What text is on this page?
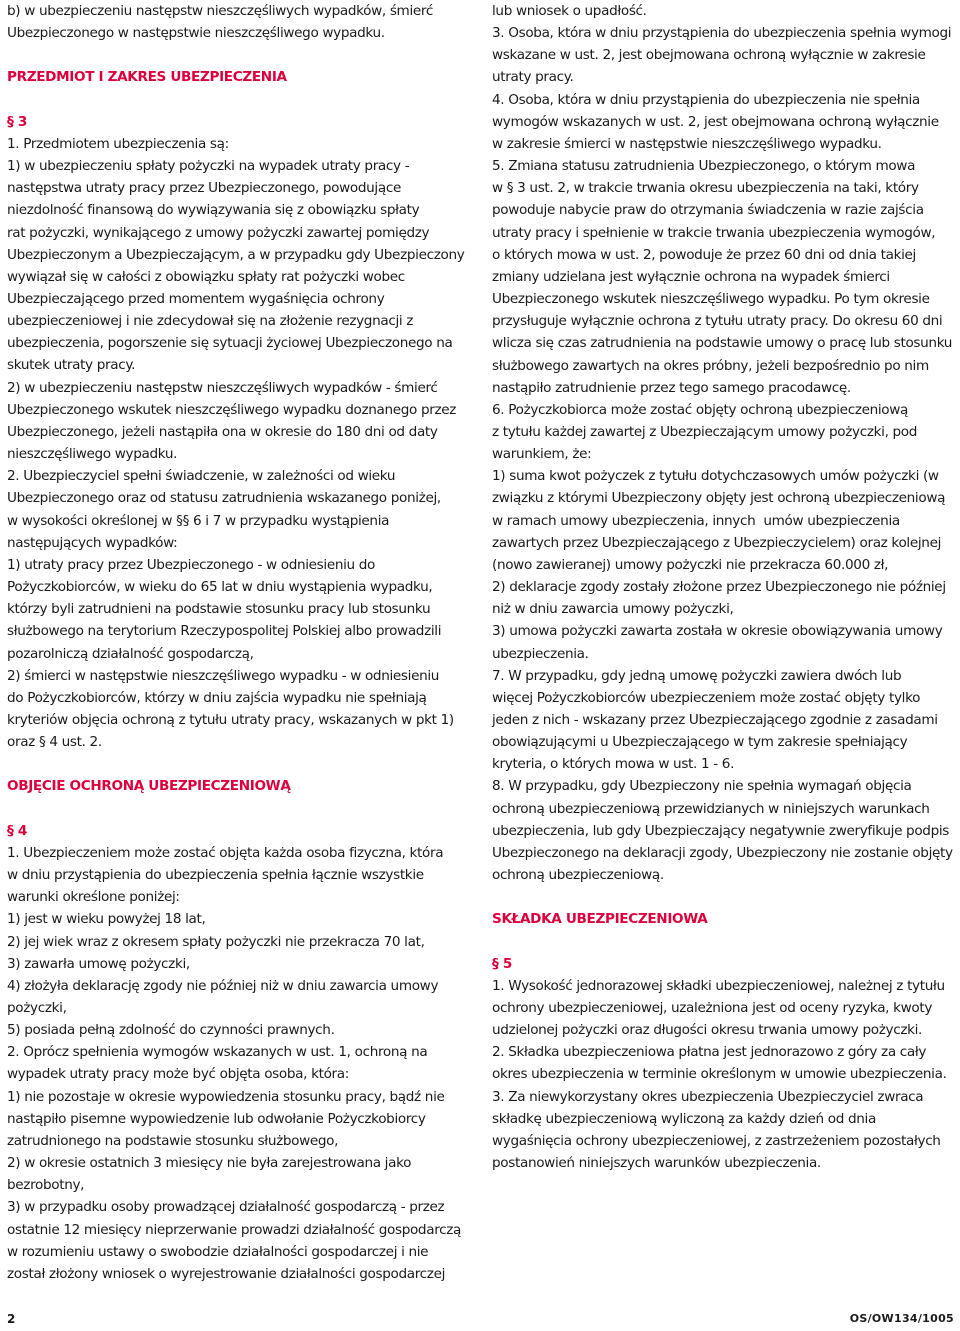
b) w ubezpieczeniu następstw nieszczęśliwych wypadków, śmierć

Ubezpieczonego w następstwie nieszczęśliwego wypadku.

PRZEDMIOT I ZAKRES UBEZPIECZENIA

§ 3

1. Przedmiotem ubezpieczenia są:

1) w ubezpieczeniu spłaty pożyczki na wypadek utraty pracy -

następstwa utraty pracy przez Ubezpieczonego, powodujące

niezdolność finansową do wywiązywania się z obowiązku spłaty

rat pożyczki, wynikającego z umowy pożyczki zawartej pomiędzy

Ubezpieczonym a Ubezpieczającym, a w przypadku gdy Ubezpieczony

wywiązał się w całości z obowiązku spłaty rat pożyczki wobec

Ubezpieczającego przed momentem wygaśnięcia ochrony

ubezpieczeniowej i nie zdecydował się na złożenie rezygnacji z

ubezpieczenia, pogorszenie się sytuacji życiowej Ubezpieczonego na

skutek utraty pracy.

2) w ubezpieczeniu następstw nieszczęśliwych wypadków - śmierć

Ubezpieczonego wskutek nieszczęśliwego wypadku doznanego przez

Ubezpieczonego, jeżeli nastąpiła ona w okresie do 180 dni od daty

nieszczęśliwego wypadku.

2. Ubezpieczyciel spełni świadczenie, w zależności od wieku

Ubezpieczonego oraz od statusu zatrudnienia wskazanego poniżej,

w wysokości określonej w §§ 6 i 7 w przypadku wystąpienia

następujących wypadków:

1) utraty pracy przez Ubezpieczonego - w odniesieniu do

Pożyczkobiorców, w wieku do 65 lat w dniu wystąpienia wypadku,

którzy byli zatrudnieni na podstawie stosunku pracy lub stosunku

służbowego na terytorium Rzeczypospolitej Polskiej albo prowadzili

pozarolniczą działalność gospodarczą,

2) śmierci w następstwie nieszczęśliwego wypadku - w odniesieniu

do Pożyczkobiorców, którzy w dniu zajścia wypadku nie spełniają

kryteriów objęcia ochroną z tytułu utraty pracy, wskazanych w pkt 1)

oraz § 4 ust. 2.

OBJĘCIE OCHRONĄ UBEZPIECZENIOWĄ

§ 4

1. Ubezpieczeniem może zostać objęta każda osoba fizyczna, która

w dniu przystąpienia do ubezpieczenia spełnia łącznie wszystkie

warunki określone poniżej:

1) jest w wieku powyżej 18 lat,

2) jej wiek wraz z okresem spłaty pożyczki nie przekracza 70 lat,

3) zawarła umowę pożyczki,

4) złożyła deklarację zgody nie później niż w dniu zawarcia umowy

pożyczki,

5) posiada pełną zdolność do czynności prawnych.

2. Oprócz spełnienia wymogów wskazanych w ust. 1, ochroną na

wypadek utraty pracy może być objęta osoba, która:

1) nie pozostaje w okresie wypowiedzenia stosunku pracy, bądź nie

nastąpiło pisemne wypowiedzenie lub odwołanie Pożyczkobiorcy

zatrudnionego na podstawie stosunku służbowego,

2) w okresie ostatnich 3 miesięcy nie była zarejestrowana jako

bezrobotny,

3) w przypadku osoby prowadzącej działalność gospodarczą - przez

ostatnie 12 miesięcy nieprzerwanie prowadzi działalność gospodarczą

w rozumieniu ustawy o swobodzie działalności gospodarczej i nie

został złożony wniosek o wyrejestrowanie działalności gospodarczej

lub wniosek o upadłość.

3. Osoba, która w dniu przystąpienia do ubezpieczenia spełnia wymogi

wskazane w ust. 2, jest obejmowana ochroną wyłącznie w zakresie

utraty pracy.

4. Osoba, która w dniu przystąpienia do ubezpieczenia nie spełnia

wymogów wskazanych w ust. 2, jest obejmowana ochroną wyłącznie

w zakresie śmierci w następstwie nieszczęśliwego wypadku.

5. Zmiana statusu zatrudnienia Ubezpieczonego, o którym mowa

w § 3 ust. 2, w trakcie trwania okresu ubezpieczenia na taki, który

powoduje nabycie praw do otrzymania świadczenia w razie zajścia

utraty pracy i spełnienie w trakcie trwania ubezpieczenia wymogów,

o których mowa w ust. 2, powoduje że przez 60 dni od dnia takiej

zmiany udzielana jest wyłącznie ochrona na wypadek śmierci

Ubezpieczonego wskutek nieszczęśliwego wypadku. Po tym okresie

przysługuje wyłącznie ochrona z tytułu utraty pracy. Do okresu 60 dni

wlicza się czas zatrudnienia na podstawie umowy o pracę lub stosunku

służbowego zawartych na okres próbny, jeżeli bezpośrednio po nim

nastąpiło zatrudnienie przez tego samego pracodawcę.

6. Pożyczkobiorca może zostać objęty ochroną ubezpieczeniową

z tytułu każdej zawartej z Ubezpieczającym umowy pożyczki, pod

warunkiem, że:

1) suma kwot pożyczek z tytułu dotychczasowych umów pożyczki (w

związku z którymi Ubezpieczony objęty jest ochroną ubezpieczeniową

w ramach umowy ubezpieczenia, innych  umów ubezpieczenia

zawartych przez Ubezpieczającego z Ubezpieczycielem) oraz kolejnej

(nowo zawieranej) umowy pożyczki nie przekracza 60.000 zł,

2) deklaracje zgody zostały złożone przez Ubezpieczonego nie później

niż w dniu zawarcia umowy pożyczki,

3) umowa pożyczki zawarta została w okresie obowiązywania umowy

ubezpieczenia.

7. W przypadku, gdy jedną umowę pożyczki zawiera dwóch lub

więcej Pożyczkobiorców ubezpieczeniem może zostać objęty tylko

jeden z nich - wskazany przez Ubezpieczającego zgodnie z zasadami

obowiązującymi u Ubezpieczającego w tym zakresie spełniający

kryteria, o których mowa w ust. 1 - 6.

8. W przypadku, gdy Ubezpieczony nie spełnia wymagań objęcia

ochroną ubezpieczeniową przewidzianych w niniejszych warunkach

ubezpieczenia, lub gdy Ubezpieczający negatywnie zweryfikuje podpis

Ubezpieczonego na deklaracji zgody, Ubezpieczony nie zostanie objęty

ochroną ubezpieczeniową.

SKŁADKA UBEZPIECZENIOWA

§ 5

1. Wysokość jednorazowej składki ubezpieczeniowej, należnej z tytułu

ochrony ubezpieczeniowej, uzależniona jest od oceny ryzyka, kwoty

udzielonej pożyczki oraz długości okresu trwania umowy pożyczki.

2. Składka ubezpieczeniowa płatna jest jednorazowo z góry za cały

okres ubezpieczenia w terminie określonym w umowie ubezpieczenia.

3. Za niewykorzystany okres ubezpieczenia Ubezpieczyciel zwraca

składkę ubezpieczeniową wyliczoną za każdy dzień od dnia

wygaśnięcia ochrony ubezpieczeniowej, z zastrzeżeniem pozostałych

postanowień niniejszych warunków ubezpieczenia.

2	OS/OW134/1005
